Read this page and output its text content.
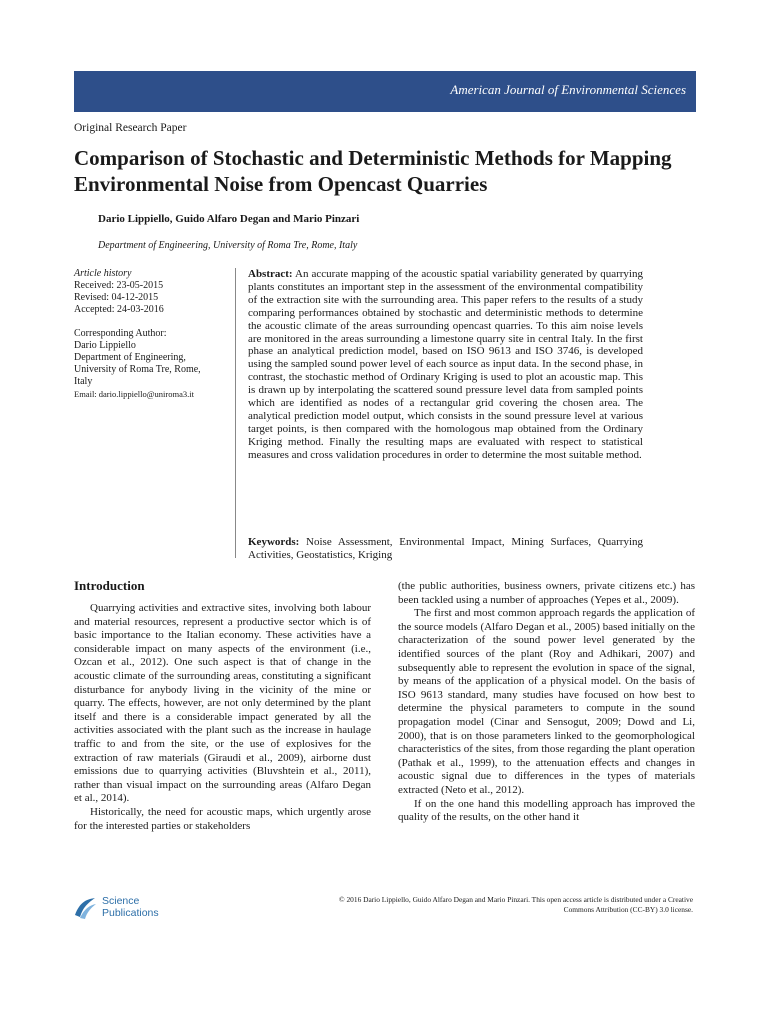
American Journal of Environmental Sciences
Original Research Paper
Comparison of Stochastic and Deterministic Methods for Mapping Environmental Noise from Opencast Quarries
Dario Lippiello, Guido Alfaro Degan and Mario Pinzari
Department of Engineering, University of Roma Tre, Rome, Italy
Article history
Received: 23-05-2015
Revised: 04-12-2015
Accepted: 24-03-2016
Corresponding Author:
Dario Lippiello
Department of Engineering,
University of Roma Tre, Rome,
Italy
Email: dario.lippiello@uniroma3.it
Abstract: An accurate mapping of the acoustic spatial variability generated by quarrying plants constitutes an important step in the assessment of the environmental compatibility of the extraction site with the surrounding area. This paper refers to the results of a study comparing performances obtained by stochastic and deterministic methods to determine the acoustic climate of the areas surrounding opencast quarries. To this aim noise levels are monitored in the areas surrounding a limestone quarry site in central Italy. In the first phase an analytical prediction model, based on ISO 9613 and ISO 3746, is developed using the sampled sound power level of each source as input data. In the second phase, in contrast, the stochastic method of Ordinary Kriging is used to plot an acoustic map. This is drawn up by interpolating the scattered sound pressure level data from sampled points which are identified as nodes of a rectangular grid covering the chosen area. The analytical prediction model output, which consists in the sound pressure level at various target points, is then compared with the homologous map obtained from the Ordinary Kriging method. Finally the resulting maps are evaluated with respect to statistical measures and cross validation procedures in order to determine the most suitable method.
Keywords: Noise Assessment, Environmental Impact, Mining Surfaces, Quarrying Activities, Geostatistics, Kriging
Introduction

Quarrying activities and extractive sites, involving both labour and material resources, represent a productive sector which is of basic importance to the Italian economy. These activities have a considerable impact on many aspects of the environment (i.e., Ozcan et al., 2012). One such aspect is that of change in the acoustic climate of the surrounding areas, constituting a significant disturbance for anybody living in the vicinity of the mine or quarry. The effects, however, are not only determined by the plant itself and there is a considerable impact generated by all the activities associated with the plant such as the increase in haulage traffic to and from the site, or the use of explosives for the extraction of raw materials (Giraudi et al., 2009), airborne dust emissions due to quarrying activities (Bluvshtein et al., 2011), rather than visual impact on the surrounding areas (Alfaro Degan et al., 2014).

Historically, the need for acoustic maps, which urgently arose for the interested parties or stakeholders

(the public authorities, business owners, private citizens etc.) has been tackled using a number of approaches (Yepes et al., 2009).

The first and most common approach regards the application of the source models (Alfaro Degan et al., 2005) based initially on the characterization of the sound power level generated by the identified sources of the plant (Roy and Adhikari, 2007) and subsequently able to represent the evolution in space of the signal, by means of the application of a physical model. On the basis of ISO 9613 standard, many studies have focused on how best to determine the physical parameters to compute in the sound propagation model (Cinar and Sensogut, 2009; Dowd and Li, 2000), that is on those parameters linked to the geomorphological characteristics of the sites, from those regarding the plant operation (Pathak et al., 1999), to the attenuation effects and changes in acoustic signal due to differences in the types of materials extracted (Neto et al., 2012).

If on the one hand this modelling approach has improved the quality of the results, on the other hand it

Science
Publications
© 2016 Dario Lippiello, Guido Alfaro Degan and Mario Pinzari. This open access article is distributed under a Creative
Commons Attribution (CC-BY) 3.0 license.
